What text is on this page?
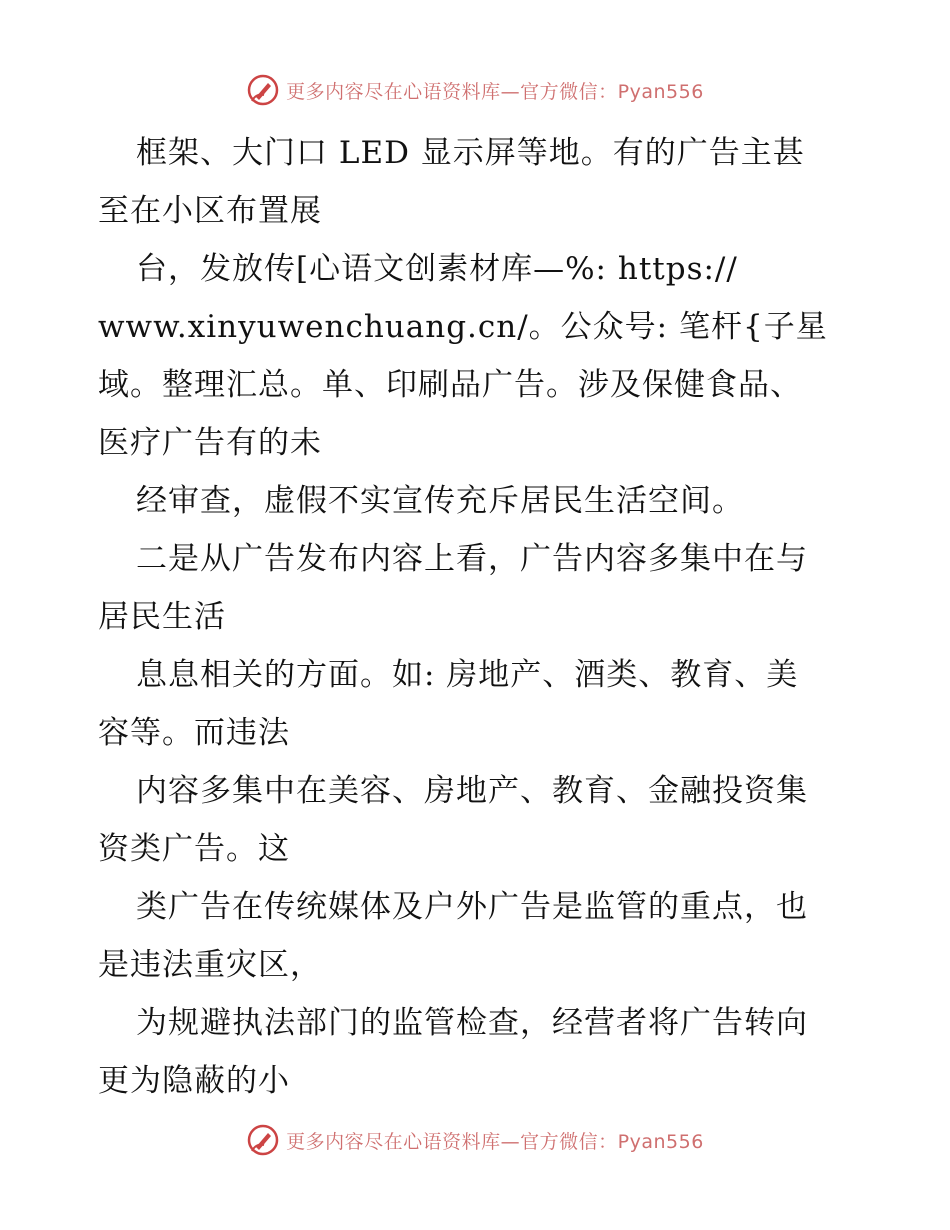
更多内容尽在心语资料库—官方微信：Pyan556
框架、大门口 LED 显示屏等地。有的广告主甚
至在小区布置展
台，发放传[心语文创素材库—%: https://
www.xinyuwenchuang.cn/。公众号: 笔杆{子星
域。整理汇总。单、印刷品广告。涉及保健食品、
医疗广告有的未
经审查，虚假不实宣传充斥居民生活空间。
二是从广告发布内容上看，广告内容多集中在与
居民生活
息息相关的方面。如: 房地产、酒类、教育、美
容等。而违法
内容多集中在美容、房地产、教育、金融投资集
资类广告。这
类广告在传统媒体及户外广告是监管的重点，也
是违法重灾区，
为规避执法部门的监管检查，经营者将广告转向
更为隐蔽的小
更多内容尽在心语资料库—官方微信：Pyan556
